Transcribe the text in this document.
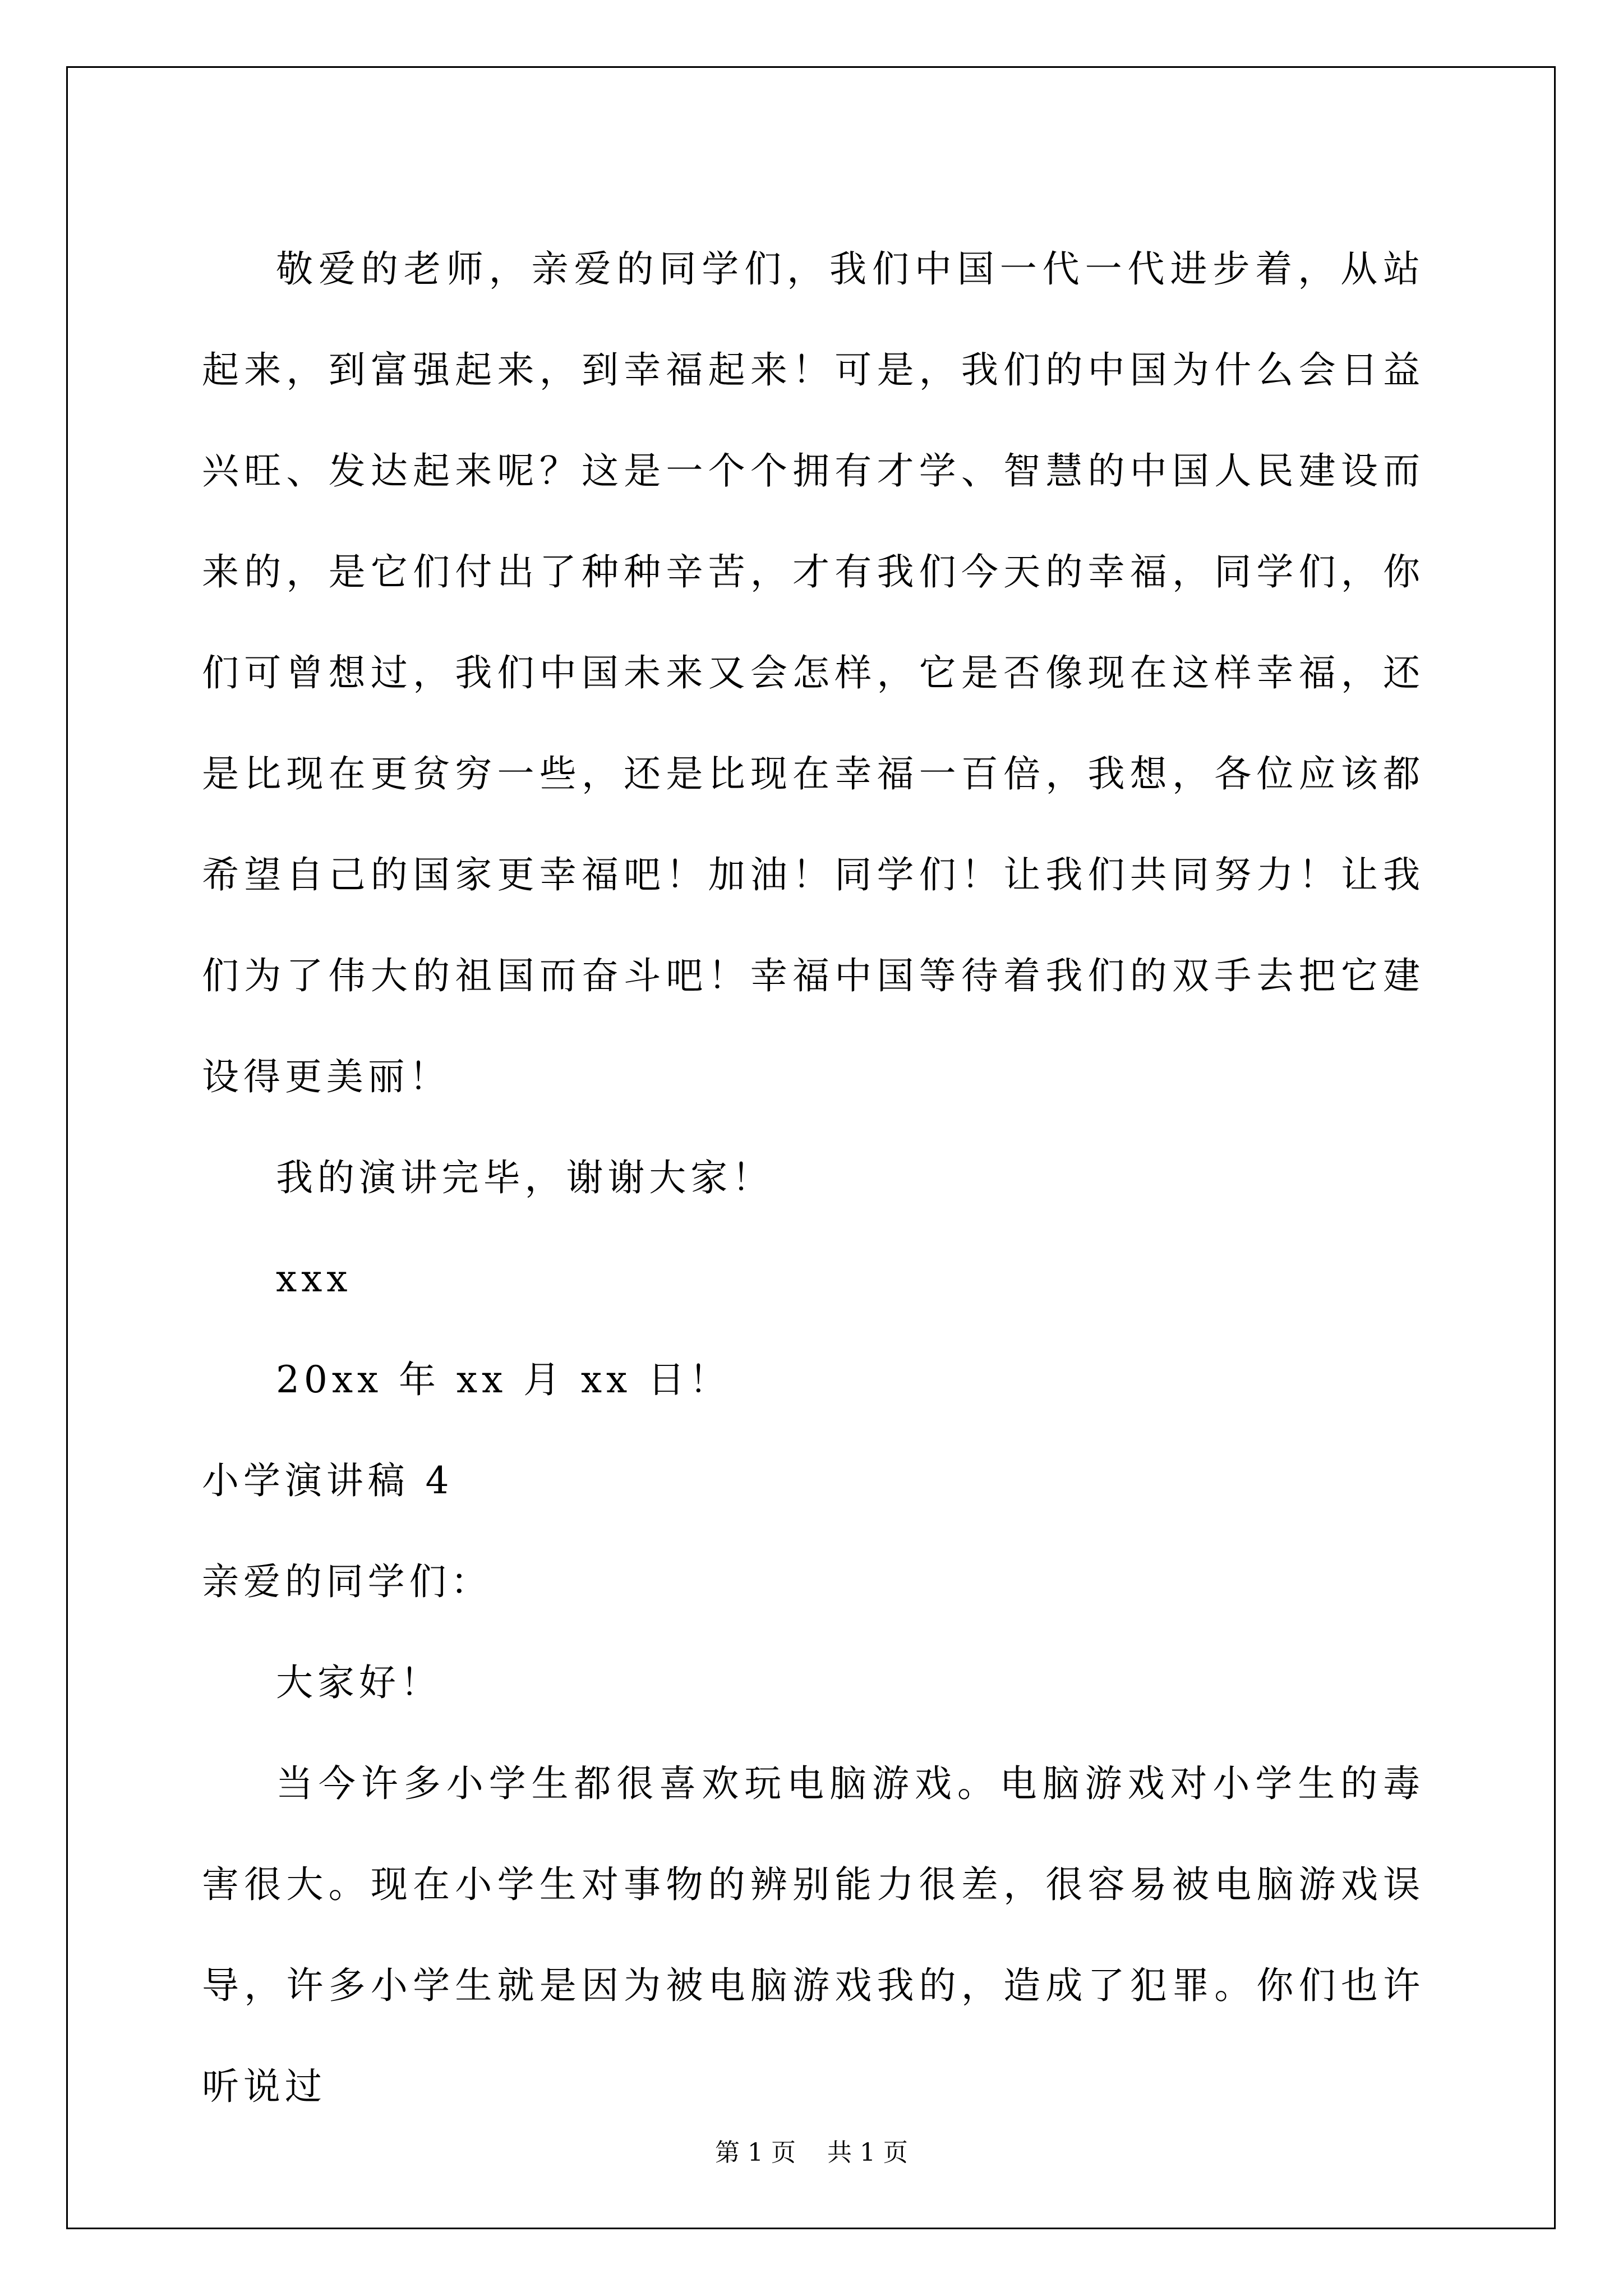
敬爱的老师，亲爱的同学们，我们中国一代一代进步着，从站起来，到富强起来，到幸福起来！可是，我们的中国为什么会日益兴旺、发达起来呢？这是一个个拥有才学、智慧的中国人民建设而来的，是它们付出了种种辛苦，才有我们今天的幸福，同学们，你们可曾想过，我们中国未来又会怎样，它是否像现在这样幸福，还是比现在更贫穷一些，还是比现在幸福一百倍，我想，各位应该都希望自己的国家更幸福吧！加油！同学们！让我们共同努力！让我们为了伟大的祖国而奋斗吧！幸福中国等待着我们的双手去把它建设得更美丽！

我的演讲完毕，谢谢大家！

xxx

20xx 年 xx 月 xx 日！

小学演讲稿 4

亲爱的同学们：

大家好！

当今许多小学生都很喜欢玩电脑游戏。电脑游戏对小学生的毒害很大。现在小学生对事物的辨别能力很差，很容易被电脑游戏误导，许多小学生就是因为被电脑游戏我的，造成了犯罪。你们也许听说过

第 1 页    共 1 页
